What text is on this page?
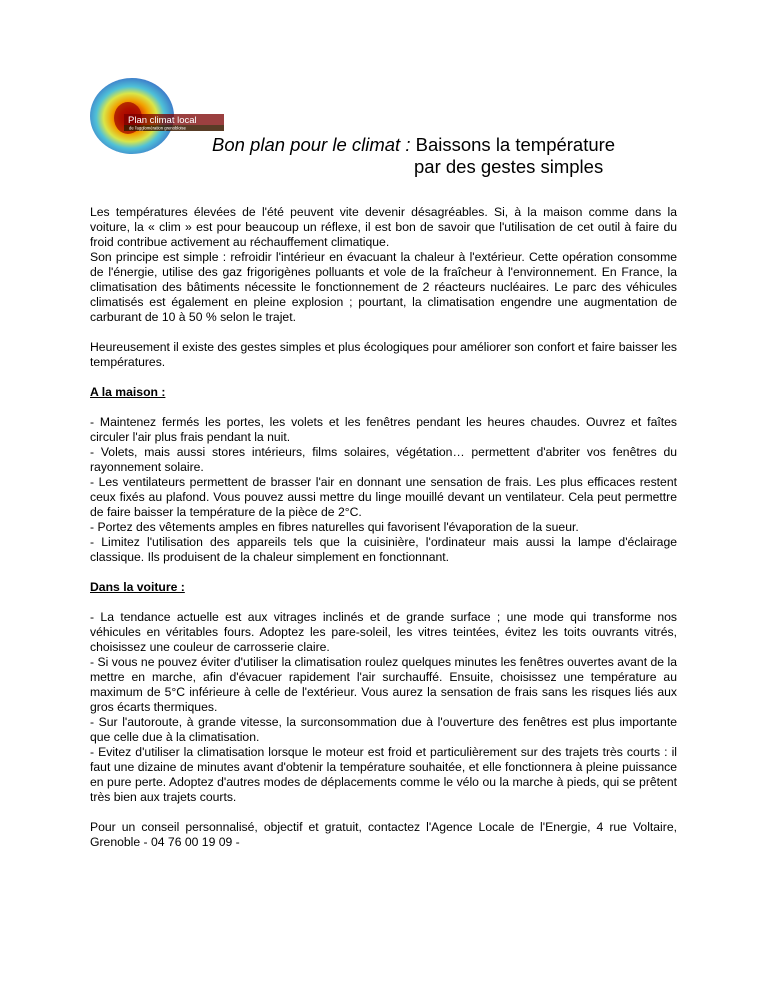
Plan climat local
de l'agglomération grenobloise
Bon plan pour le climat : Baissons la température
par des gestes simples

Les températures élevées de l'été peuvent vite devenir désagréables. Si, à la maison comme dans la voiture, la « clim » est pour beaucoup un réflexe, il est bon de savoir que l'utilisation de cet outil à faire du froid contribue activement au réchauffement climatique.

Son principe est simple : refroidir l'intérieur en évacuant la chaleur à l'extérieur. Cette opération consomme de l'énergie, utilise des gaz frigorigènes polluants et vole de la fraîcheur à l'environnement. En France, la climatisation des bâtiments nécessite le fonctionnement de 2 réacteurs nucléaires. Le parc des véhicules climatisés est également en pleine explosion ; pourtant, la climatisation engendre une augmentation de carburant de 10 à 50 % selon le trajet.

Heureusement il existe des gestes simples et plus écologiques pour améliorer son confort et faire baisser les températures.

A la maison :

- Maintenez fermés les portes, les volets et les fenêtres pendant les heures chaudes. Ouvrez et faîtes circuler l'air plus frais pendant la nuit.
- Volets, mais aussi stores intérieurs, films solaires, végétation… permettent d'abriter vos fenêtres du rayonnement solaire.
- Les ventilateurs permettent de brasser l'air en donnant une sensation de frais. Les plus efficaces restent ceux fixés au plafond. Vous pouvez aussi mettre du linge mouillé devant un ventilateur. Cela peut permettre de faire baisser la température de la pièce de 2°C.
- Portez des vêtements amples en fibres naturelles qui favorisent l'évaporation de la sueur.
- Limitez l'utilisation des appareils tels que la cuisinière, l'ordinateur mais aussi la lampe d'éclairage classique. Ils produisent de la chaleur simplement en fonctionnant.

Dans la voiture :

- La tendance actuelle est aux vitrages inclinés et de grande surface ; une mode qui transforme nos véhicules en véritables fours. Adoptez les pare-soleil, les vitres teintées, évitez les toits ouvrants vitrés, choisissez une couleur de carrosserie claire.
- Si vous ne pouvez éviter d'utiliser la climatisation roulez quelques minutes les fenêtres ouvertes avant de la mettre en marche, afin d'évacuer rapidement l'air surchauffé. Ensuite, choisissez une température au maximum de 5°C inférieure à celle de l'extérieur. Vous aurez la sensation de frais sans les risques liés aux gros écarts thermiques.
- Sur l'autoroute, à grande vitesse, la surconsommation due à l'ouverture des fenêtres est plus importante que celle due à la climatisation.
- Evitez d'utiliser la climatisation lorsque le moteur est froid et particulièrement sur des trajets très courts : il faut une dizaine de minutes avant d'obtenir la température souhaitée, et elle fonctionnera à pleine puissance en pure perte. Adoptez d'autres modes de déplacements comme le vélo ou la marche à pieds, qui se prêtent très bien aux trajets courts.

Pour un conseil personnalisé, objectif et gratuit, contactez l'Agence Locale de l'Energie, 4 rue Voltaire, Grenoble - 04 76 00 19 09 -
